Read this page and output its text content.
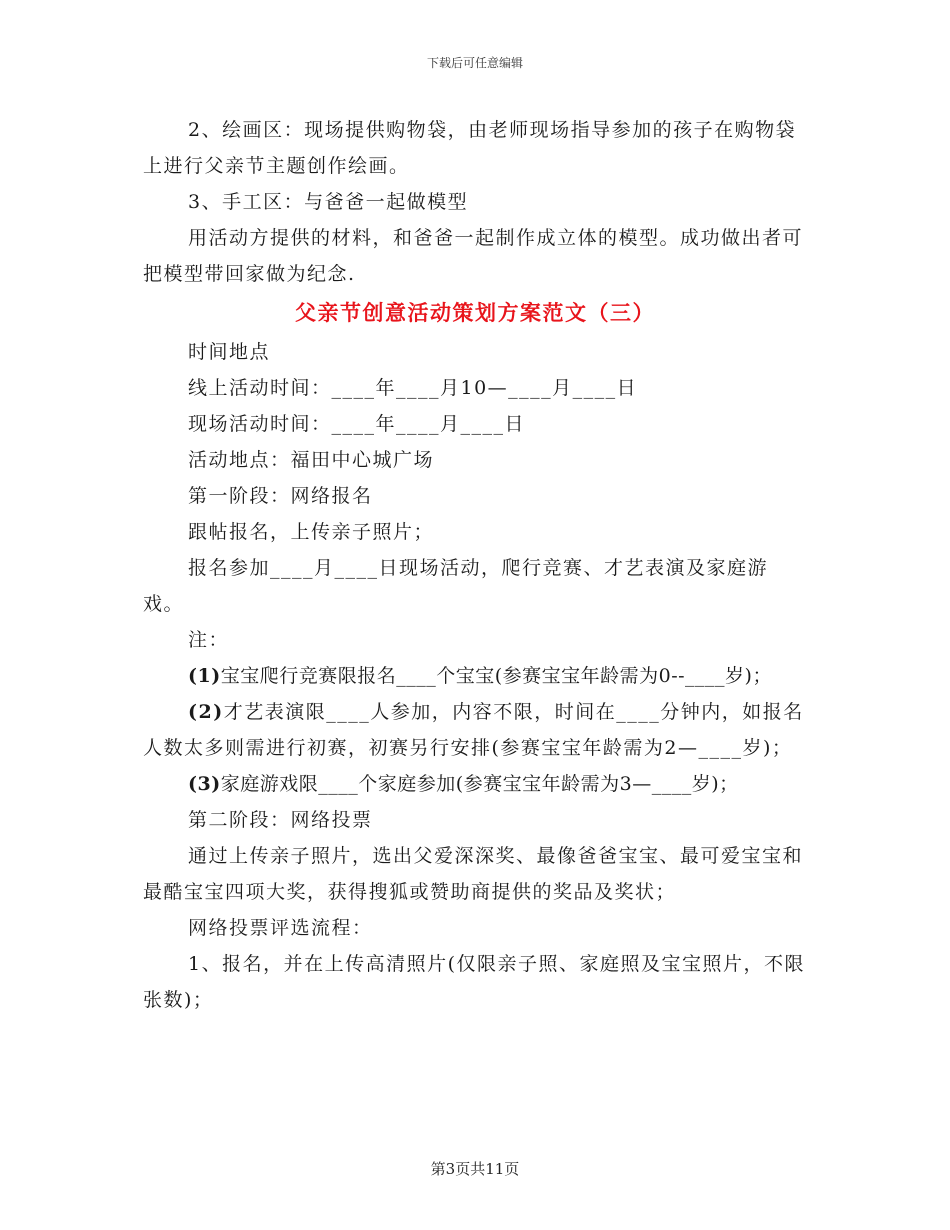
下载后可任意编辑

2、绘画区：现场提供购物袋，由老师现场指导参加的孩子在购物袋上进行父亲节主题创作绘画。

3、手工区：与爸爸一起做模型

用活动方提供的材料，和爸爸一起制作成立体的模型。成功做出者可把模型带回家做为纪念.

父亲节创意活动策划方案范文（三）

时间地点

线上活动时间：____年____月10—____月____日

现场活动时间：____年____月____日

活动地点：福田中心城广场

第一阶段：网络报名

跟帖报名，上传亲子照片；

报名参加____月____日现场活动，爬行竞赛、才艺表演及家庭游戏。

注：

(1)宝宝爬行竞赛限报名____个宝宝(参赛宝宝年龄需为0--____岁)；

(2)才艺表演限____人参加，内容不限，时间在____分钟内，如报名人数太多则需进行初赛，初赛另行安排(参赛宝宝年龄需为2—____岁)；

(3)家庭游戏限____个家庭参加(参赛宝宝年龄需为3—____岁)；

第二阶段：网络投票

通过上传亲子照片，选出父爱深深奖、最像爸爸宝宝、最可爱宝宝和最酷宝宝四项大奖，获得搜狐或赞助商提供的奖品及奖状；

网络投票评选流程：

1、报名，并在上传高清照片(仅限亲子照、家庭照及宝宝照片，不限张数)；

第3页共11页
